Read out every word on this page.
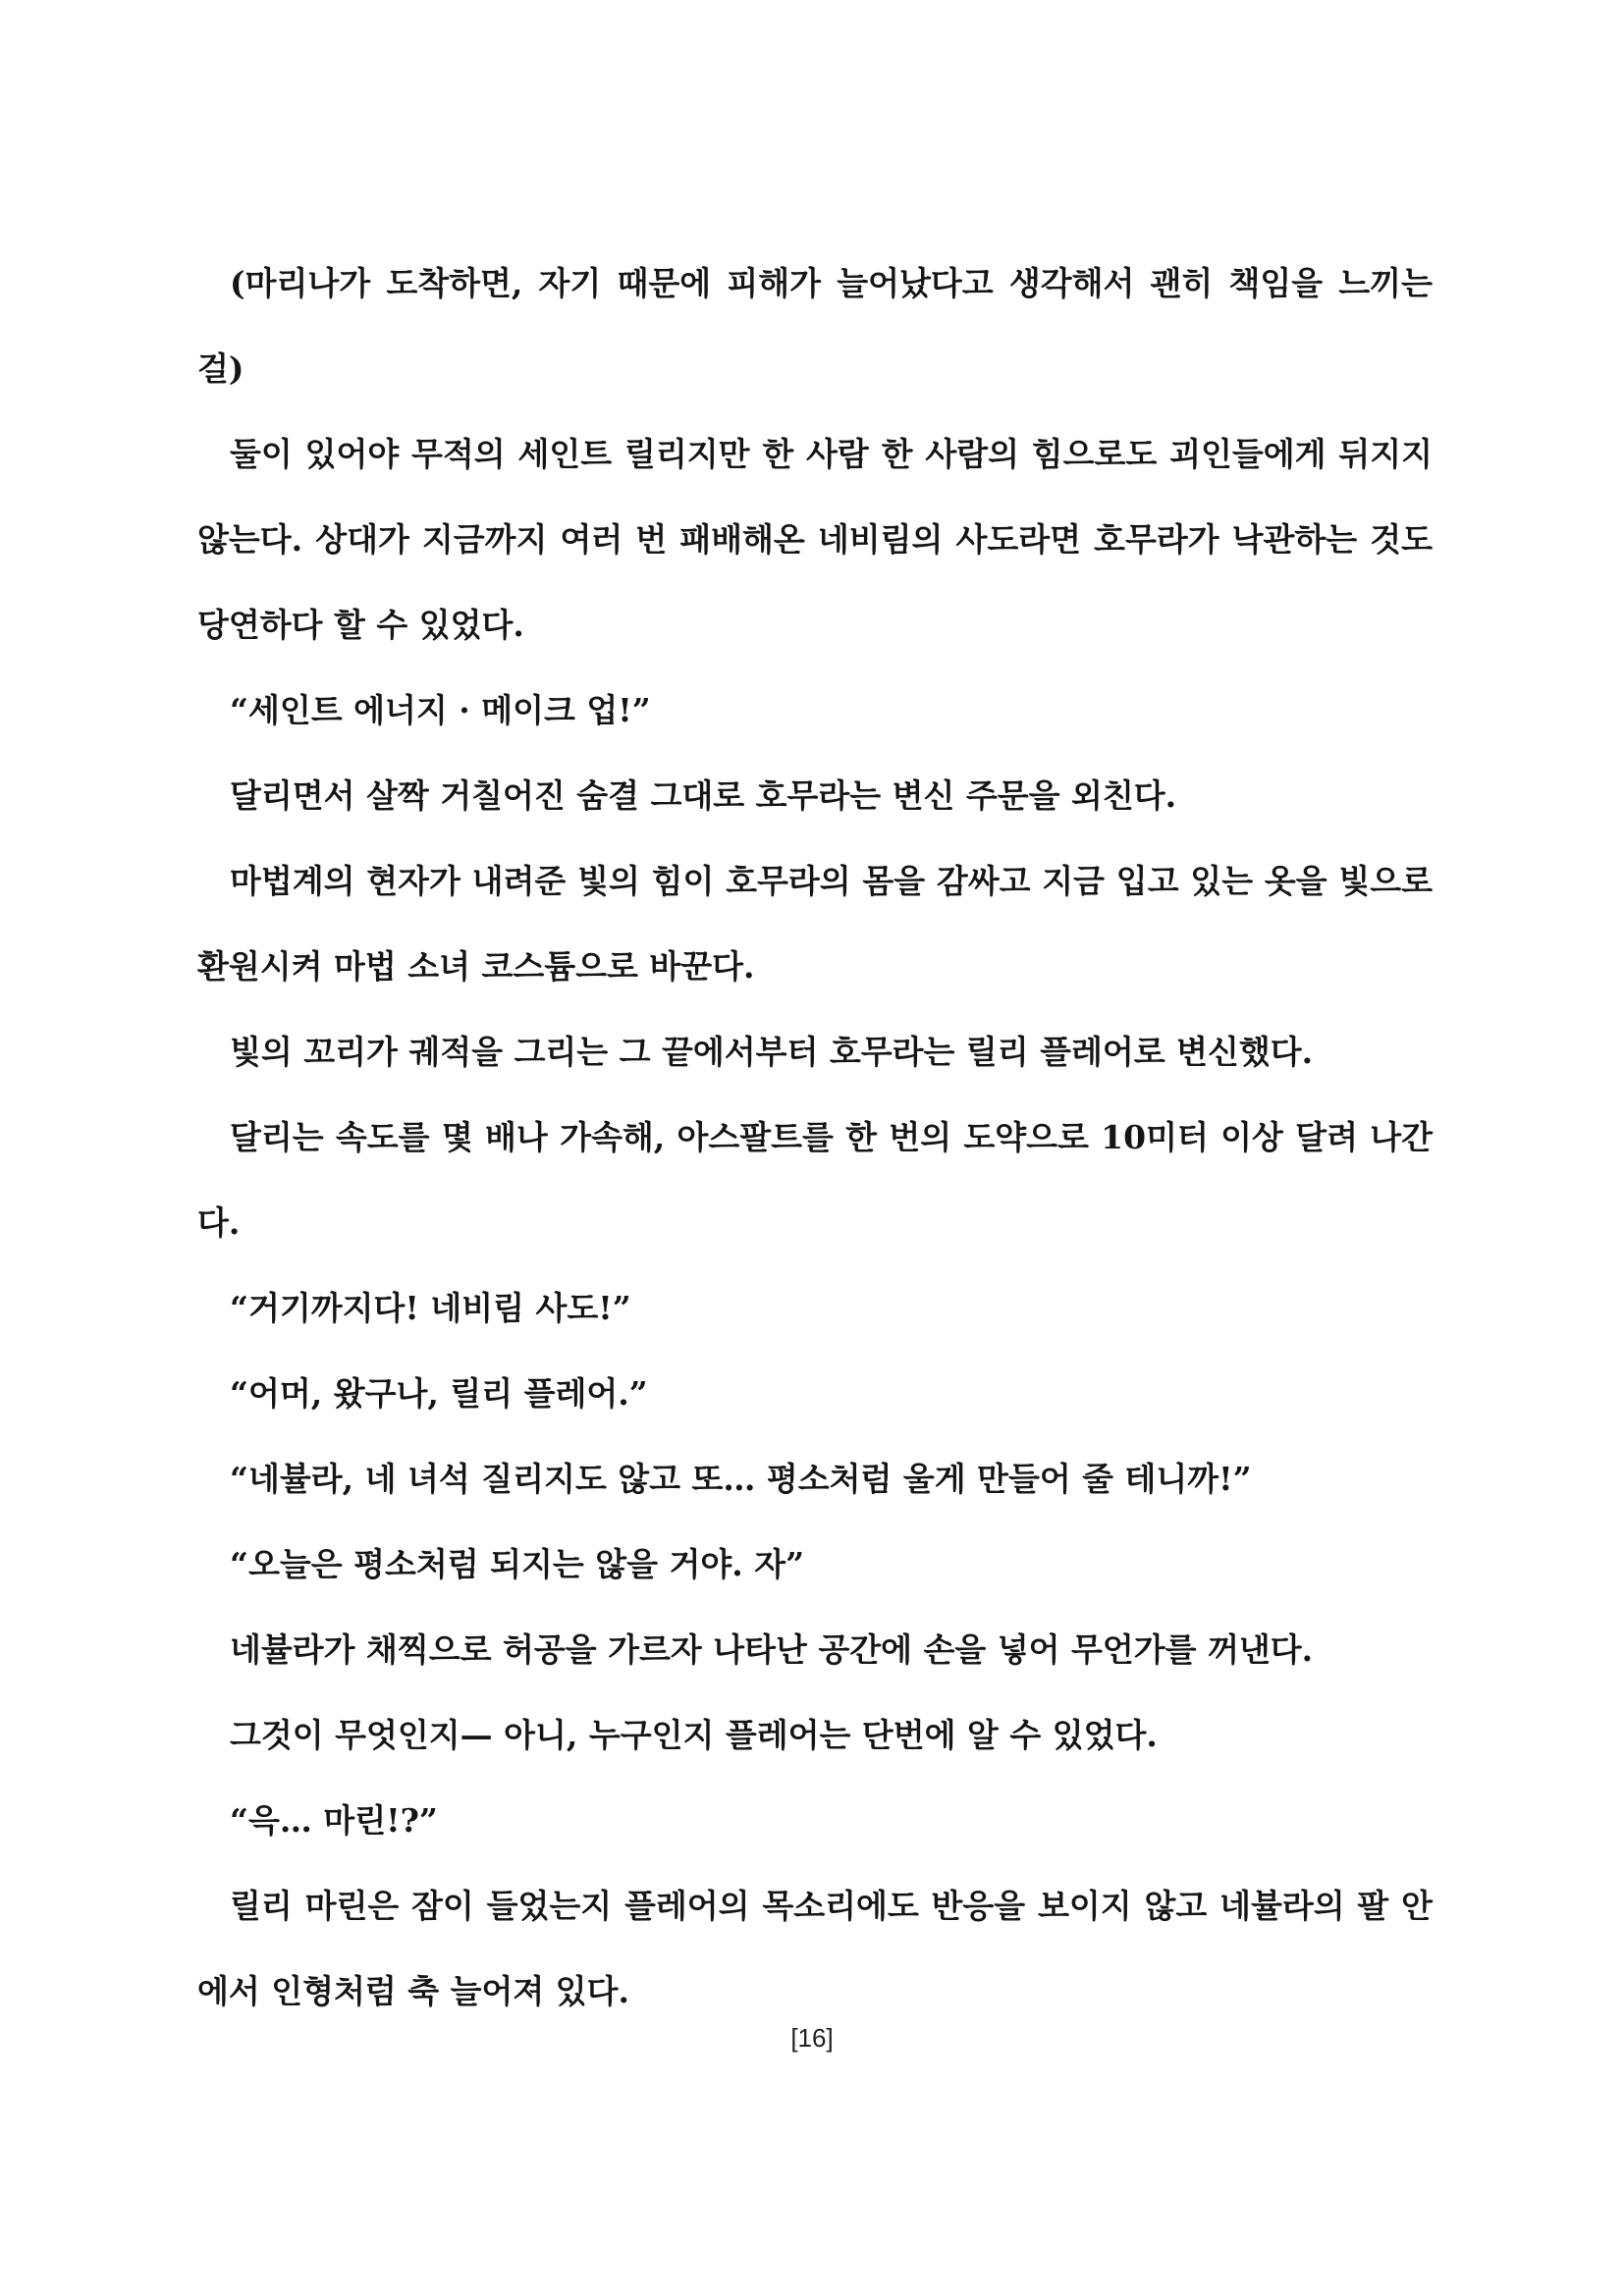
(마리나가 도착하면, 자기 때문에 피해가 늘어났다고 생각해서 괜히 책임을 느끼는걸)

둘이 있어야 무적의 세인트 릴리지만 한 사람 한 사람의 힘으로도 괴인들에게 뒤지지 않는다. 상대가 지금까지 여러 번 패배해온 네비림의 사도라면 호무라가 낙관하는 것도 당연하다 할 수 있었다.

“세인트 에너지 · 메이크 업!”

달리면서 살짝 거칠어진 숨결 그대로 호무라는 변신 주문을 외친다.

마법계의 현자가 내려준 빛의 힘이 호무라의 몸을 감싸고 지금 입고 있는 옷을 빛으로 환원시켜 마법 소녀 코스튬으로 바꾼다.

빛의 꼬리가 궤적을 그리는 그 끝에서부터 호무라는 릴리 플레어로 변신했다.

달리는 속도를 몇 배나 가속해, 아스팔트를 한 번의 도약으로 10미터 이상 달려 나간다.

“거기까지다! 네비림 사도!”

“어머, 왔구나, 릴리 플레어.”

“네뷸라, 네 녀석 질리지도 않고 또… 평소처럼 울게 만들어 줄 테니까!”

“오늘은 평소처럼 되지는 않을 거야. 자”

네뷸라가 채찍으로 허공을 가르자 나타난 공간에 손을 넣어 무언가를 꺼낸다.

그것이 무엇인지— 아니, 누구인지 플레어는 단번에 알 수 있었다.

“윽… 마린!?”

릴리 마린은 잠이 들었는지 플레어의 목소리에도 반응을 보이지 않고 네뷸라의 팔 안에서 인형처럼 축 늘어져 있다.

[16]
